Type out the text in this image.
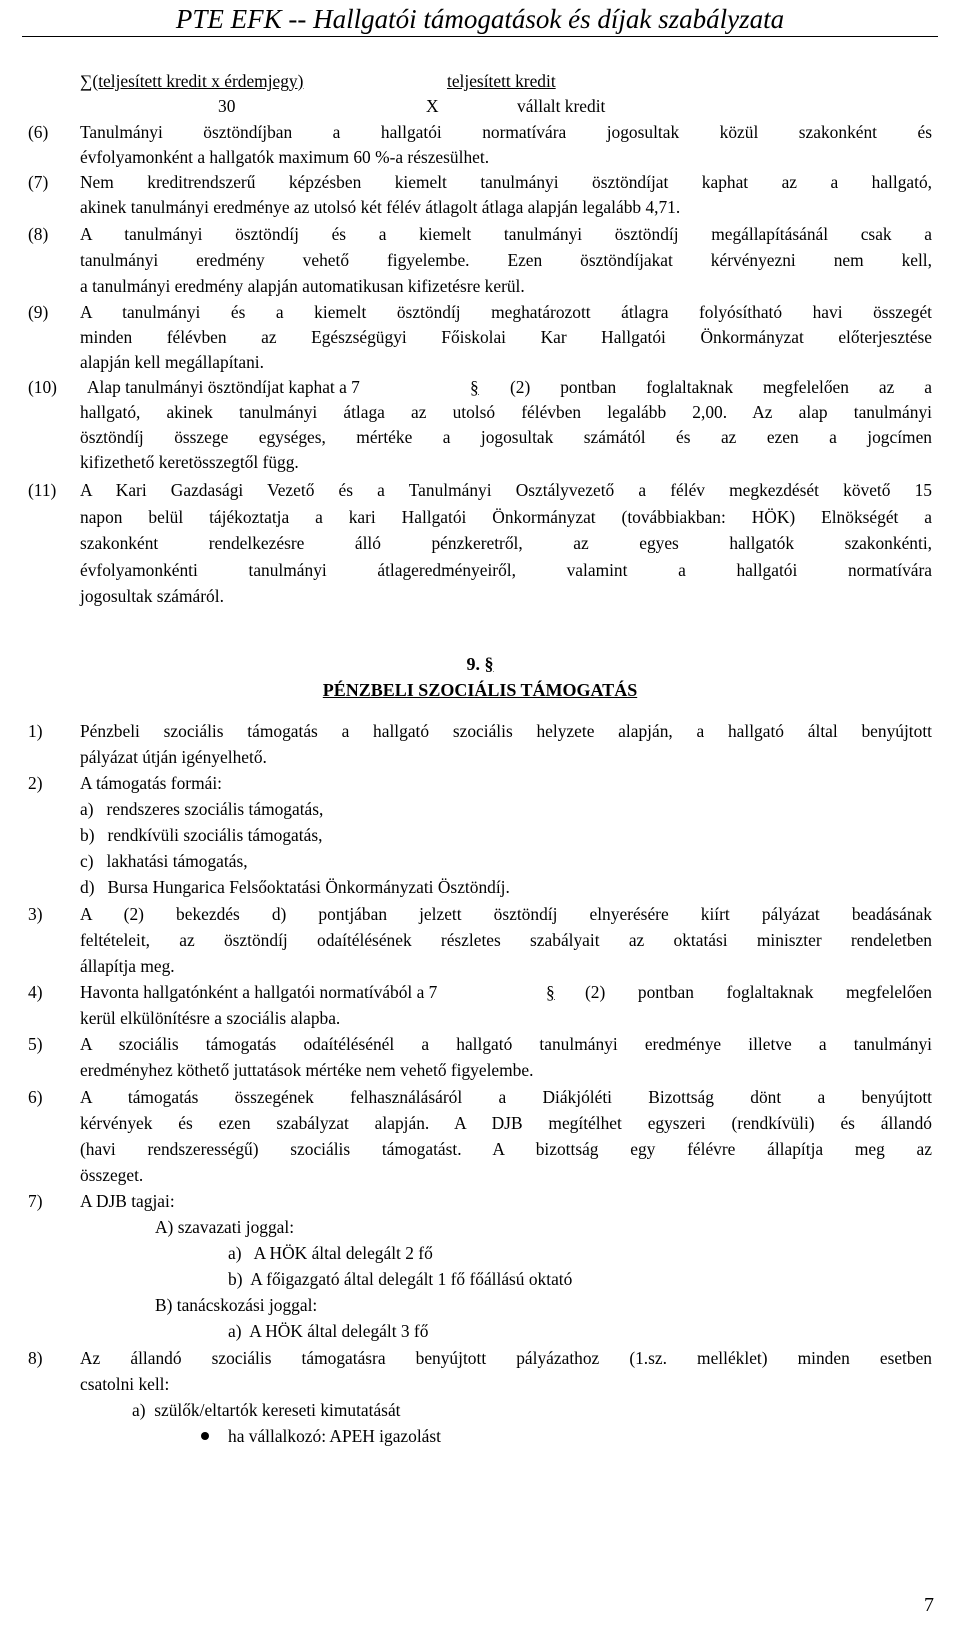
PTE EFK -- Hallgatói támogatások és díjak szabályzata
∑(teljesített kredit x érdemjegy)	teljesített kredit
30	X	vállalt kredit
(6) Tanulmányi ösztöndíjban a hallgatói normatívára jogosultak közül szakonként és
évfolyamonként a hallgatók maximum 60 %-a részesülhet.
(7) Nem kreditrendszerű képzésben kiemelt tanulmányi ösztöndíjat kaphat az a hallgató,
akinek tanulmányi eredménye az utolsó két félév átlagolt átlaga alapján legalább 4,71.
(8) A tanulmányi ösztöndíj és a kiemelt tanulmányi ösztöndíj megállapításánál csak a
tanulmányi eredmény vehető figyelembe. Ezen ösztöndíjakat kérvényezni nem kell,
a tanulmányi eredmény alapján automatikusan kifizetésre kerül.
(9) A tanulmányi és a kiemelt ösztöndíj meghatározott átlagra folyósítható havi összegét
minden félévben az Egészségügyi Főiskolai Kar Hallgatói Önkormányzat előterjesztése
alapján kell megállapítani.
(10) Alap tanulmányi ösztöndíjat kaphat a 7	§ (2) pontban foglaltaknak megfelelően az a
hallgató, akinek tanulmányi átlaga az utolsó félévben legalább 2,00. Az alap tanulmányi
ösztöndíj összege egységes, mértéke a jogosultak számától és az ezen a jogcímen
kifizethető keretösszegtől függ.
(11) A Kari Gazdasági Vezető és a Tanulmányi Osztályvezető a félév megkezdését követő 15
napon belül tájékoztatja a kari Hallgatói Önkormányzat (továbbiakban: HÖK) Elnökségét a
szakonként rendelkezésre álló pénzkeretről, az egyes hallgatók szakonkénti,
évfolyamonkénti tanulmányi átlageredményeiről, valamint a hallgatói normatívára
jogosultak számáról.
9. §
PÉNZBELI SZOCIÁLIS TÁMOGATÁS
1) Pénzbeli szociális támogatás a hallgató szociális helyzete alapján, a hallgató által benyújtott
pályázat útján igényelhető.
2) A támogatás formái:
a)   rendszeres szociális támogatás,
b)   rendkívüli szociális támogatás,
c)   lakhatási támogatás,
d)   Bursa Hungarica Felsőoktatási Önkormányzati Ösztöndíj.
3) A (2) bekezdés d) pontjában jelzett ösztöndíj elnyerésére kiírt pályázat beadásának
feltételeit, az ösztöndíj odaítélésének részletes szabályait az oktatási miniszter rendeletben
állapítja meg.
4) Havonta hallgatónként a hallgatói normatívából a 7	§ (2) pontban foglaltaknak megfelelően
kerül elkülönítésre a szociális alapba.
5) A szociális támogatás odaítélésénél a hallgató tanulmányi eredménye illetve a tanulmányi
eredményhez köthető juttatások mértéke nem vehető figyelembe.
6) A támogatás összegének felhasználásáról a Diákjóléti Bizottság dönt a benyújtott
kérvények és ezen szabályzat alapján. A DJB megítélhet egyszeri (rendkívüli) és állandó
(havi rendszerességű) szociális támogatást. A bizottság egy félévre állapítja meg az
összeget.
7) A DJB tagjai:
A) szavazati joggal:
a)   A HÖK által delegált 2 fő
b)  A főigazgató által delegált 1 fő főállású oktató
B) tanácskozási joggal:
a)  A HÖK által delegált 3 fő
8) Az állandó szociális támogatásra benyújtott pályázathoz (1.sz. melléklet) minden esetben
csatolni kell:
a)  szülők/eltartók kereseti kimutatását
ha vállalkozó: APEH igazolást
7
